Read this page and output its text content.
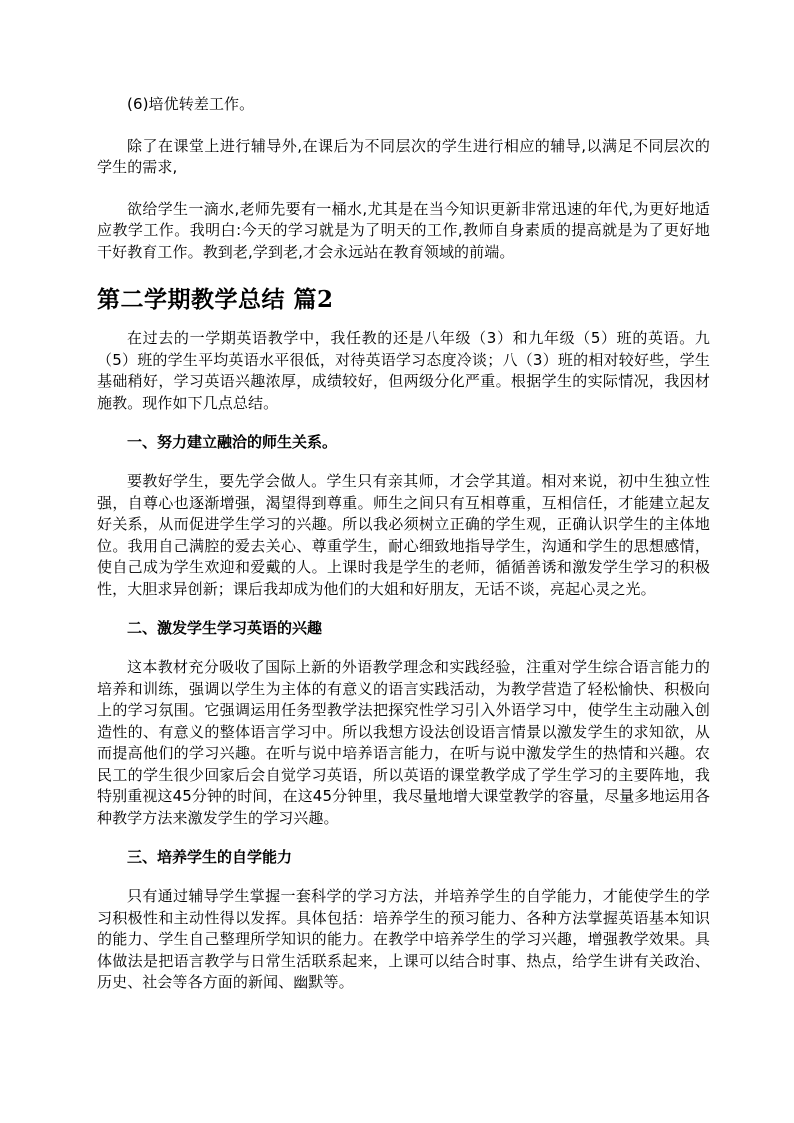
(6)培优转差工作。

除了在课堂上进行辅导外,在课后为不同层次的学生进行相应的辅导,以满足不同层次的学生的需求,

欲给学生一滴水,老师先要有一桶水,尤其是在当今知识更新非常迅速的年代,为更好地适应教学工作。我明白:今天的学习就是为了明天的工作,教师自身素质的提高就是为了更好地干好教育工作。教到老,学到老,才会永远站在教育领域的前端。

第二学期教学总结 篇2

在过去的一学期英语教学中，我任教的还是八年级（3）和九年级（5）班的英语。九（5）班的学生平均英语水平很低，对待英语学习态度冷谈；八（3）班的相对较好些，学生基础稍好，学习英语兴趣浓厚，成绩较好，但两级分化严重。根据学生的实际情况，我因材施教。现作如下几点总结。

一、努力建立融洽的师生关系。

要教好学生，要先学会做人。学生只有亲其师，才会学其道。相对来说，初中生独立性强，自尊心也逐渐增强，渴望得到尊重。师生之间只有互相尊重，互相信任，才能建立起友好关系，从而促进学生学习的兴趣。所以我必须树立正确的学生观，正确认识学生的主体地位。我用自己满腔的爱去关心、尊重学生，耐心细致地指导学生，沟通和学生的思想感情，使自己成为学生欢迎和爱戴的人。上课时我是学生的老师，循循善诱和激发学生学习的积极性，大胆求异创新；课后我却成为他们的大姐和好朋友，无话不谈，亮起心灵之光。

二、激发学生学习英语的兴趣

这本教材充分吸收了国际上新的外语教学理念和实践经验，注重对学生综合语言能力的培养和训练，强调以学生为主体的有意义的语言实践活动，为教学营造了轻松愉快、积极向上的学习氛围。它强调运用任务型教学法把探究性学习引入外语学习中，使学生主动融入创造性的、有意义的整体语言学习中。所以我想方设法创设语言情景以激发学生的求知欲，从而提高他们的学习兴趣。在听与说中培养语言能力，在听与说中激发学生的热情和兴趣。农民工的学生很少回家后会自觉学习英语，所以英语的课堂教学成了学生学习的主要阵地，我特别重视这45分钟的时间，在这45分钟里，我尽量地增大课堂教学的容量，尽量多地运用各种教学方法来激发学生的学习兴趣。

三、培养学生的自学能力

只有通过辅导学生掌握一套科学的学习方法，并培养学生的自学能力，才能使学生的学习积极性和主动性得以发挥。具体包括：培养学生的预习能力、各种方法掌握英语基本知识的能力、学生自己整理所学知识的能力。在教学中培养学生的学习兴趣，增强教学效果。具体做法是把语言教学与日常生活联系起来，上课可以结合时事、热点，给学生讲有关政治、历史、社会等各方面的新闻、幽默等。
